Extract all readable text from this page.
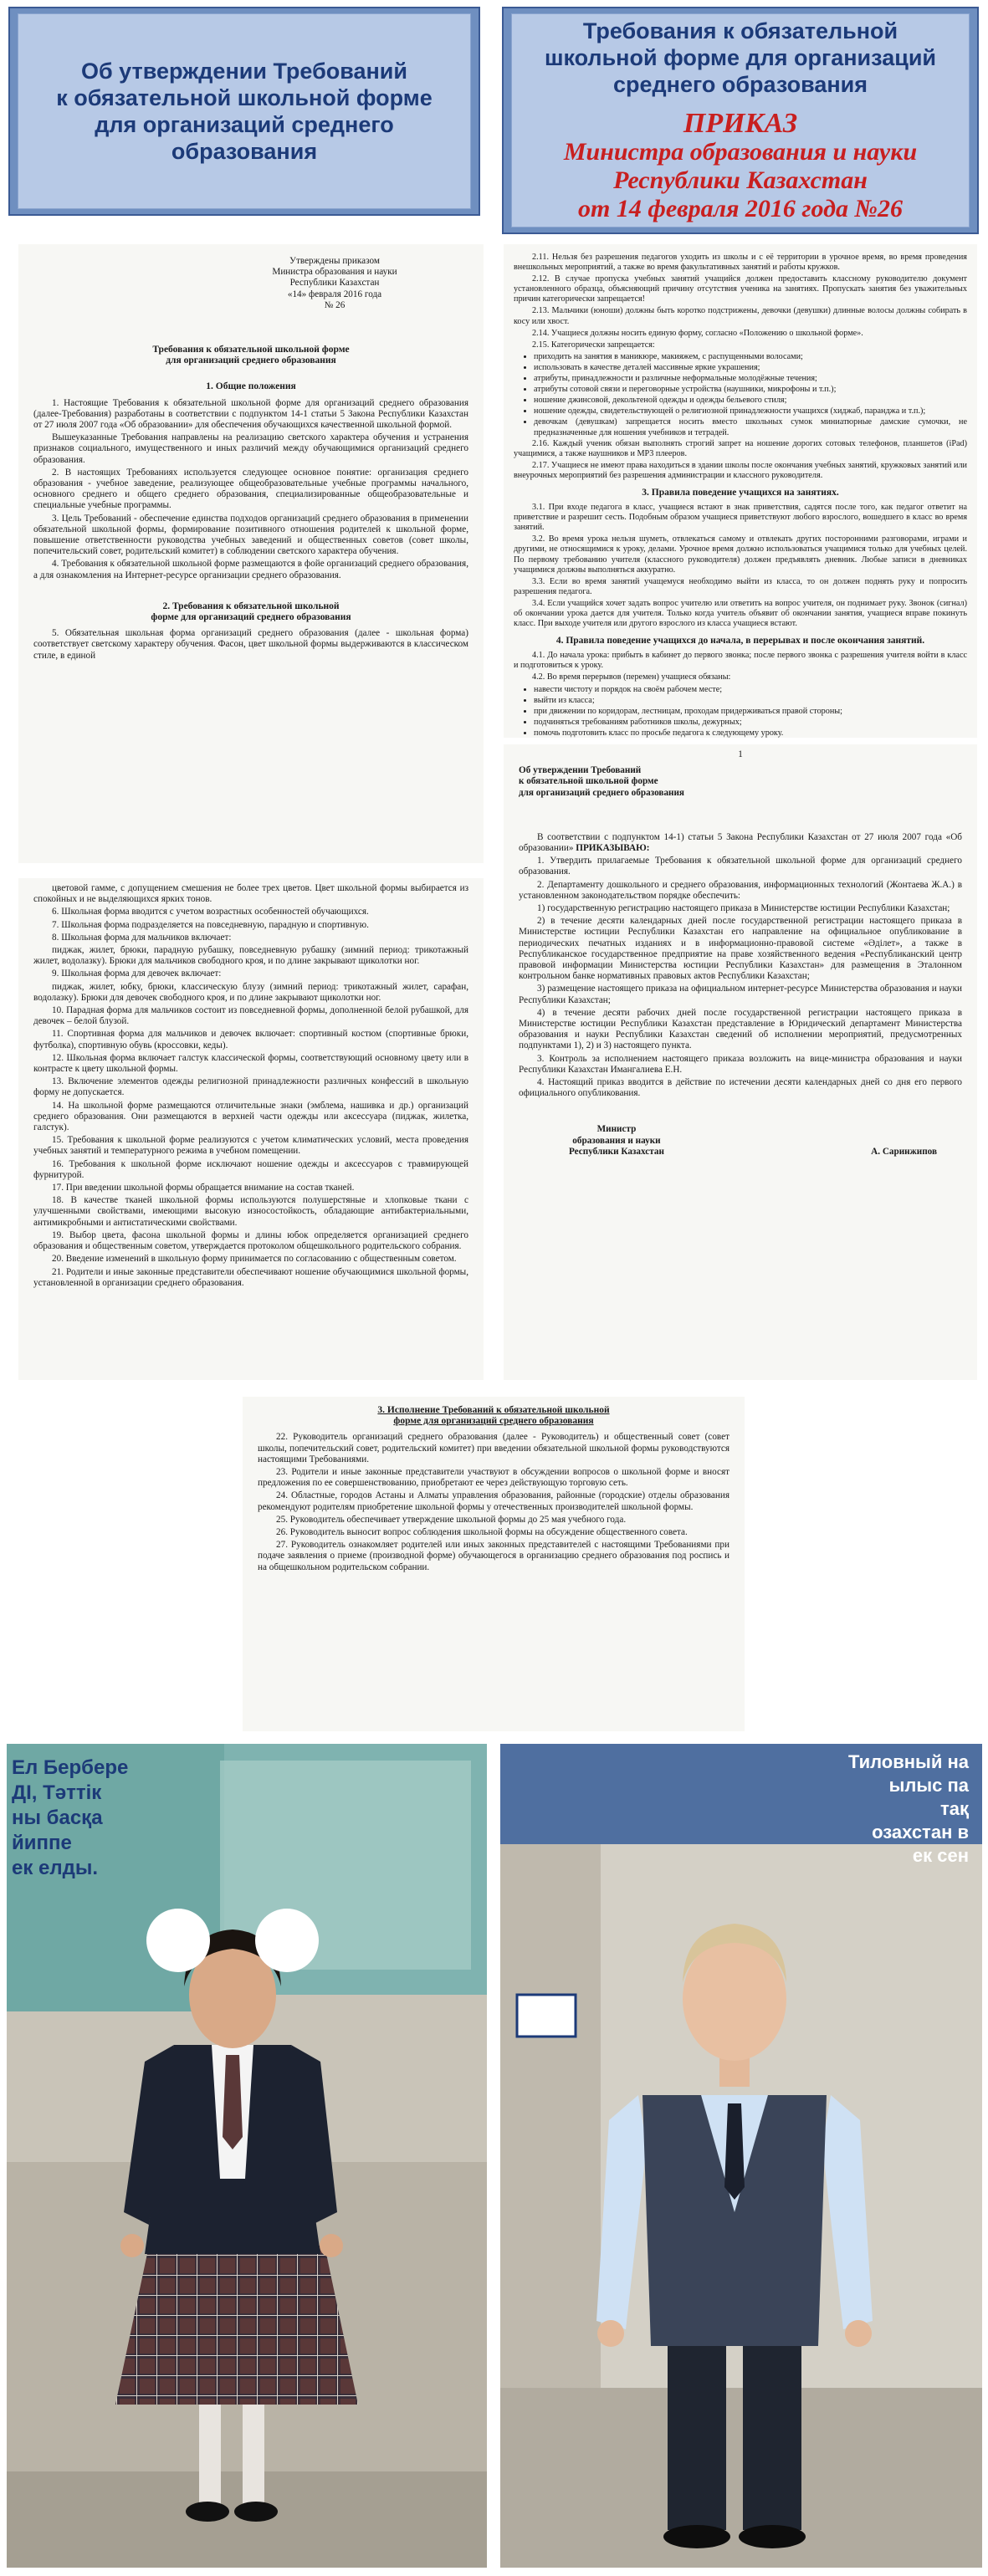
Об утверждении Требований
к обязательной школьной форме
для организаций среднего
образования
Требования к обязательной
школьной форме для организаций
среднего образования
ПРИКАЗ
Министра образования и науки
Республики Казахстан
от 14 февраля 2016 года №26
Утверждены приказом
Министра образования и науки
Республики Казахстан
«14» февраля 2016 года
№ 26
Требования к обязательной школьной форме
для организаций среднего образования
1. Общие положения
1. Настоящие Требования к обязательной школьной форме для организаций среднего образования (далее-Требования) разработаны в соответствии с подпунктом 14-1 статьи 5 Закона Республики Казахстан от 27 июля 2007 года «Об образовании» для обеспечения обучающихся качественной школьной формой.
Вышеуказанные Требования направлены на реализацию светского характера обучения и устранения признаков социального, имущественного и иных различий между обучающимися организаций среднего образования.
2. В настоящих Требованиях используется следующее основное понятие: организация среднего образования - учебное заведение, реализующее общеобразовательные учебные программы начального, основного среднего и общего среднего образования, специализированные общеобразовательные и специальные учебные программы.
3. Цель Требований - обеспечение единства подходов организаций среднего образования в применении обязательной школьной формы, формирование позитивного отношения родителей к школьной форме, повышение ответственности руководства учебных заведений и общественных советов (совет школы, попечительский совет, родительский комитет) в соблюдении светского характера обучения.
4. Требования к обязательной школьной форме размещаются в фойе организаций среднего образования, а для ознакомления на Интернет-ресурсе организации среднего образования.
2. Требования к обязательной школьной
форме для организаций среднего образования
5. Обязательная школьная форма организаций среднего образования (далее - школьная форма) соответствует светскому характеру обучения. Фасон, цвет школьной формы выдерживаются в классическом стиле, в единой
2.11. Нельзя без разрешения педагогов уходить из школы и с её территории в урочное время, во время проведения внешкольных мероприятий, а также во время факультативных занятий и работы кружков.
2.12. В случае пропуска учебных занятий учащийся должен предоставить классному руководителю документ установленного образца, объясняющий причину отсутствия ученика на занятиях. Пропускать занятия без уважительных причин категорически запрещается!
2.13. Мальчики (юноши) должны быть коротко подстрижены, девочки (девушки) длинные волосы должны собирать в косу или хвост.
2.14. Учащиеся должны носить единую форму, согласно «Положению о школьной форме».
2.15. Категорически запрещается:
• приходить на занятия в маникюре, макияжем, с распущенными волосами;
• использовать в качестве деталей массивные яркие украшения;
• атрибуты, принадлежности и различные неформальные молодёжные течения;
• атрибуты сотовой связи и переговорные устройства (наушники, микрофоны и т.п.);
• ношение джинсовой, декольтеной одежды и одежды бельевого стиля;
• ношение одежды, свидетельствующей о религиозной принадлежности учащихся (хиджаб, паранджа и т.п.);
• девочкам (девушкам) запрещается носить вместо школьных сумок миниатюрные дамские сумочки, не предназначенные для ношения учебников и тетрадей.
2.16. Каждый ученик обязан выполнять строгий запрет на ношение дорогих сотовых телефонов, планшетов (iPad) учащимися, а также наушников и MP3 плееров.
2.17. Учащиеся не имеют права находиться в здании школы после окончания учебных занятий, кружковых занятий или внеурочных мероприятий без разрешения администрации и классного руководителя.
3. Правила поведение учащихся на занятиях.
3.1. При входе педагога в класс, учащиеся встают в знак приветствия, садятся после того, как педагог ответит на приветствие и разрешит сесть. Подобным образом учащиеся приветствуют любого взрослого, вошедшего в класс во время занятий.
3.2. Во время урока нельзя шуметь, отвлекаться самому и отвлекать других посторонними разговорами, играми и другими, не относящимися к уроку, делами. Урочное время должно использоваться учащимися только для учебных целей. По первому требованию учителя (классного руководителя) должен предъявлять дневник. Любые записи в дневниках учащимися должны выполняться аккуратно.
3.3. Если во время занятий учащемуся необходимо выйти из класса, то он должен поднять руку и попросить разрешения педагога.
3.4. Если учащийся хочет задать вопрос учителю или ответить на вопрос учителя, он поднимает руку. Звонок (сигнал) об окончании урока дается для учителя. Только когда учитель объявит об окончании занятия, учащиеся вправе покинуть класс. При выходе учителя или другого взрослого из класса учащиеся встают.
4. Правила поведение учащихся до начала, в перерывах и после окончания занятий.
4.1. До начала урока: прибыть в кабинет до первого звонка; после первого звонка с разрешения учителя войти в класс и подготовиться к уроку.
4.2. Во время перерывов (перемен) учащиеся обязаны:
• навести чистоту и порядок на своём рабочем месте;
• выйти из класса;
• при движении по коридорам, лестницам, проходам придерживаться правой стороны;
• подчиняться требованиям работников школы, дежурных;
• помочь подготовить класс по просьбе педагога к следующему уроку.
цветовой гамме, с допущением смешения не более трех цветов. Цвет школьной формы выбирается из спокойных и не выделяющихся ярких тонов.
6. Школьная форма вводится с учетом возрастных особенностей обучающихся.
7. Школьная форма подразделяется на повседневную, парадную и спортивную.
8. Школьная форма для мальчиков включает:
пиджак, жилет, брюки, парадную рубашку, повседневную рубашку (зимний период: трикотажный жилет, водолазку). Брюки для мальчиков свободного кроя, и по длине закрывают щиколотки ног.
9. Школьная форма для девочек включает:
пиджак, жилет, юбку, брюки, классическую блузу (зимний период: трикотажный жилет, сарафан, водолазку). Брюки для девочек свободного кроя, и по длине закрывают щиколотки ног.
10. Парадная форма для мальчиков состоит из повседневной формы, дополненной белой рубашкой, для девочек – белой блузой.
11. Спортивная форма для мальчиков и девочек включает: спортивный костюм (спортивные брюки, футболка), спортивную обувь (кроссовки, кеды).
12. Школьная форма включает галстук классической формы, соответствующий основному цвету или в контрасте к цвету школьной формы.
13. Включение элементов одежды религиозной принадлежности различных конфессий в школьную форму не допускается.
14. На школьной форме размещаются отличительные знаки (эмблема, нашивка и др.) организаций среднего образования. Они размещаются в верхней части одежды или аксессуара (пиджак, жилетка, галстук).
15. Требования к школьной форме реализуются с учетом климатических условий, места проведения учебных занятий и температурного режима в учебном помещении.
16. Требования к школьной форме исключают ношение одежды и аксессуаров с травмирующей фурнитурой.
17. При введении школьной формы обращается внимание на состав тканей.
18. В качестве тканей школьной формы используются полушерстяные и хлопковые ткани с улучшенными свойствами, имеющими высокую износостойкость, обладающие антибактериальными, антимикробными и антистатическими свойствами.
19. Выбор цвета, фасона школьной формы и длины юбок определяется организацией среднего образования и общественным советом, утверждается протоколом общешкольного родительского собрания.
20. Введение изменений в школьную форму принимается по согласованию с общественным советом.
21. Родители и иные законные представители обеспечивают ношение обучающимися школьной формы, установленной в организации среднего образования.
1
Об утверждении Требований
к обязательной школьной форме
для организаций среднего образования
В соответствии с подпунктом 14-1) статьи 5 Закона Республики Казахстан от 27 июля 2007 года «Об образовании» ПРИКАЗЫВАЮ:
1. Утвердить прилагаемые Требования к обязательной школьной форме для организаций среднего образования.
2. Департаменту дошкольного и среднего образования, информационных технологий (Жонтаева Ж.А.) в установленном законодательством порядке обеспечить:
1) государственную регистрацию настоящего приказа в Министерстве юстиции Республики Казахстан;
2) в течение десяти календарных дней после государственной регистрации настоящего приказа в Министерстве юстиции Республики Казахстан его направление на официальное опубликование в периодических печатных изданиях и в информационно-правовой системе «Әділет», а также в Республиканское государственное предприятие на праве хозяйственного ведения «Республиканский центр правовой информации Министерства юстиции Республики Казахстан» для размещения в Эталонном контрольном банке нормативных правовых актов Республики Казахстан;
3) размещение настоящего приказа на официальном интернет-ресурсе Министерства образования и науки Республики Казахстан;
4) в течение десяти рабочих дней после государственной регистрации настоящего приказа в Министерстве юстиции Республики Казахстан представление в Юридический департамент Министерства образования и науки Республики Казахстан сведений об исполнении мероприятий, предусмотренных подпунктами 1), 2) и 3) настоящего пункта.
3. Контроль за исполнением настоящего приказа возложить на вице-министра образования и науки Республики Казахстан Имангалиева Е.Н.
4. Настоящий приказ вводится в действие по истечении десяти календарных дней со дня его первого официального опубликования.
Министр
образования и науки
Республики Казахстан	А. Саринжипов
3. Исполнение Требований к обязательной школьной
форме для организаций среднего образования
22. Руководитель организаций среднего образования (далее - Руководитель) и общественный совет (совет школы, попечительский совет, родительский комитет) при введении обязательной школьной формы руководствуются настоящими Требованиями.
23. Родители и иные законные представители участвуют в обсуждении вопросов о школьной форме и вносят предложения по ее совершенствованию, приобретают ее через действующую торговую сеть.
24. Областные, городов Астаны и Алматы управления образования, районные (городские) отделы образования рекомендуют родителям приобретение школьной формы у отечественных производителей школьной формы.
25. Руководитель обеспечивает утверждение школьной формы до 25 мая учебного года.
26. Руководитель выносит вопрос соблюдения школьной формы на обсуждение общественного совета.
27. Руководитель ознакомляет родителей или иных законных представителей с настоящими Требованиями при подаче заявления о приеме (производной форме) обучающегося в организацию среднего образования под роспись и на общешкольном родительском собрании.
Ел Бербере
ДІ, Тәттік
ны басқа
йиппе
ек елды.
Тиловный на
ылыс па
тақ
озахстан в
ек сен
